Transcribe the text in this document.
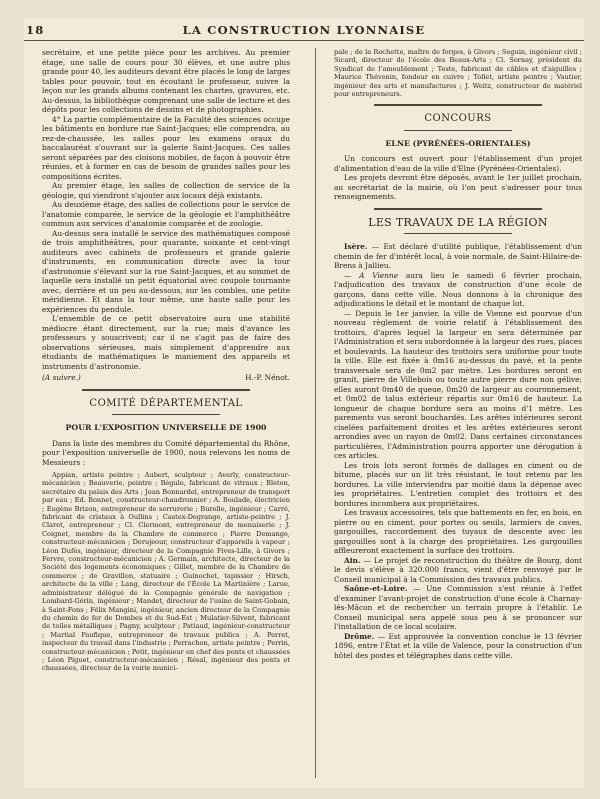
18	LA CONSTRUCTION LYONNAISE

secrétaire, et une petite pièce pour les archives. Au premier étage, une salle de cours pour 30 élèves, et une autre plus grande pour 40, les auditeurs devant être placés le long de larges tables pour pouvoir, tout en écoutant le professeur, suivre la leçon sur les grands albums contenant les chartes, gravures, etc. Au-dessus, la bibliothèque comprenant une salle de lecture et des dépôts pour les collections de dessins et de photographies.

4° La partie complémentaire de la Faculté des sciences occupe les bâtiments en bordure rue Saint-Jacques; elle comprendra, au rez-de-chaussée, les salles pour les examens oraux du baccalauréat s'ouvrant sur la galerie Saint-Jacques. Ces salles seront séparées par des cloisons mobiles, de façon à pouvoir être réunies, et à former en cas de besoin de grandes salles pour les compositions écrites.

Au premier étage, les salles de collection de service de la géologie, qui viendront s'ajouter aux locaux déjà existants.

Au deuxième étage, des salles de collections pour le service de l'anatomie comparée, le service de la géologie et l'amphithéâtre commun aux services d'anatomie comparée et de zoologie.

Au-dessus sera installé le service des mathématiques composé de trois amphithéâtres, pour quarante, soixante et cent-vingt auditeurs avec cabinets de professeurs et grande galerie d'instruments, en communication directe avec la tour d'astronomie s'élevant sur la rue Saint-Jacques, et au sommet de laquelle sera installé un petit équatorial avec coupole tournante avec, derrière et un peu au-dessous, sur les combles, une petite méridienne. Et dans la tour même, une haute salle pour les expériences du pendule.

L'ensemble de ce petit observatoire aura une stabilité médiocre étant directement, sur la rue; mais d'avance les professeurs y souscrivent; car il ne s'agit pas de faire des observations sérieuses, mais simplement d'apprendre aux étudiants de mathématiques le maniement des appareils et instruments d'astronomie.

(A suivre.)	H.-P. Nénot.
COMITÉ DÉPARTEMENTAL
POUR L'EXPOSITION UNIVERSELLE DE 1900

Dans la liste des membres du Comité départemental du Rhône, pour l'exposition universelle de 1900, nous relevons les noms de Messieurs :

Appian, artiste peintre ; Aubert, sculpteur ; Averly, constructeur-mécanicien ; Beauverie, peintre ; Bégule, fabricant de vitraux ; Bleton, secrétaire du palais des Arts ; Jean Bonnardel, entrepreneur de transport par eau ; Ed. Bonnet, constructeur-chaudronnier ; A. Boulade, électricien ; Eugène Brizon, entrepreneur de serrurerie ; Burelle, ingénieur ; Carré, fabricant de cristaux à Oullins ; Castex-Degrange, artiste-peintre ; J. Claret, entrepreneur ; Cl. Clermont, entrepreneur de menuiserie ; J. Coignet, membre de la Chambre de commerce ; Pierre Demange, constructeur-mécanicien ; Derujeour, constructeur d'appareils à vapeur ; Léon Dufès, ingénieur, directeur de la Compagnie Fives-Lille, à Givors ; Fervre, constructeur-mécanicien ; A. Germain, architecte, directeur de la Société des logements économiques ; Gillet, membre de la Chambre de commerce ; de Gravillon, statuaire ; Guinochet, tapissier ; Hirsch, architecte de la ville ; Lang, directeur de l'École La Martinière ; Larue, administrateur délégué de la Compagnie générale de navigation ; Lombard-Gérin, ingénieur ; Mandet, directeur de l'usine de Saint-Gobain, à Saint-Fons ; Félix Mangini, ingénieur, ancien directeur de la Compagnie du chemin de fer de Dombes et du Sud-Est ; Mulatier-Silvent, fabricant de toiles métalliques ; Pagny, sculpteur ; Patiaud, ingénieur-constructeur ; Martial Paufique, entrepreneur de travaux publics ; A. Perret, inspecteur du travail dans l'industrie ; Perrachon, artiste peintre ; Perrin, constructeur-mécanicien ; Petit, ingénieur en chef des ponts et chaussées ; Léon Piguet, constructeur-mécanicien ; Résal, ingénieur des ponts et chaussées, directeur de la voirie munici-

pale ; de la Rochette, maître de forges, à Givors ; Seguin, ingénieur civil ; Sicard, directeur de l'école des Beaux-Arts ; Cl. Sornay, président du Syndicat de l'ameublement ; Teste, fabricant de câbles et d'aiguilles ; Maurice Thévenin, fondeur en cuivre ; Tollet, artiste peintre ; Vautier, ingénieur des arts et manufactures ; J. Weitz, constructeur de matériel pour entrepreneurs.

CONCOURS
ELNE (PYRÉNÉES-ORIENTALES)

Un concours est ouvert pour l'établissement d'un projet d'alimentation d'eau de la ville d'Elne (Pyrénées-Orientales).

Les projets devront être déposés, avant le 1er juillet prochain, au secrétariat de la mairie, où l'on peut s'adresser pour tous renseignements.

LES TRAVAUX DE LA RÉGION

Isère. — Est déclaré d'utilité publique, l'établissement d'un chemin de fer d'intérêt local, à voie normale, de Saint-Hilaire-de-Brens à Jallieu.

— A Vienne aura lieu le samedi 6 février prochain, l'adjudication des travaux de construction d'une école de garçons, dans cette ville. Nous donnons à la chronique des adjudications le détail et le montant de chaque lot.

— Depuis le 1er janvier, la ville de Vienne est pourvue d'un nouveau règlement de voirie relatif à l'établissement des trottoirs, d'après lequel la largeur en sera déterminée par l'Administration et sera subordonnée à la largeur des rues, places et boulevards. La hauteur des trottoirs sera uniforme pour toute la ville. Elle est fixée à 0m16 au-dessus du pavé, et la pente transversale sera de 0m2 par mètre. Les bordures seront en granit, pierre de Villebois ou toute autre pierre dure non gélive; elles auront 0m40 de queue, 0m20 de largeur au couronnement, et 0m02 de talus extérieur répartis sur 0m16 de hauteur. La longueur de chaque bordure sera au moins d'1 mètre. Les parements vus seront bouchardés. Les arêtes intérieures seront ciselées parfaitement droites et les arêtes extérieures seront arrondies avec un rayon de 0m02. Dans certaines circonstances particulières, l'Administration pourra apporter une dérogation à ces articles.

Les trois lots seront formés de dallages en ciment ou de bitume, placés sur un lit très résistant, le tout retenu par les bordures. La ville interviendra par moitié dans la dépense avec les propriétaires. L'entretien complet des trottoirs et des bordures incombera aux propriétaires.

Les travaux accessoires, tels que battements en fer, en bois, en pierre ou en ciment, pour portes ou seuils, larmiers de caves, gargouilles, raccordement des tuyaux de descente avec les gargouilles sont à la charge des propriétaires. Les gargouilles affleureront exactement la surface des trottoirs.

Ain. — Le projet de reconstruction du théâtre de Bourg, dont le devis s'élève à 320.000 francs, vient d'être renvoyé par le Conseil municipal à la Commission des travaux publics.

Saône-et-Loire. — Une Commission s'est réunie à l'effet d'examiner l'avant-projet de construction d'une école à Charnay-lès-Mâcon et de rechercher un terrain propre à l'établir. Le Conseil municipal sera appelé sous peu à se prononcer sur l'installation de ce local scolaire.

Drôme. — Est approuvée la convention conclue le 13 février 1896, entre l'État et la ville de Valence, pour la construction d'un hôtel des postes et télégraphes dans cette ville.
